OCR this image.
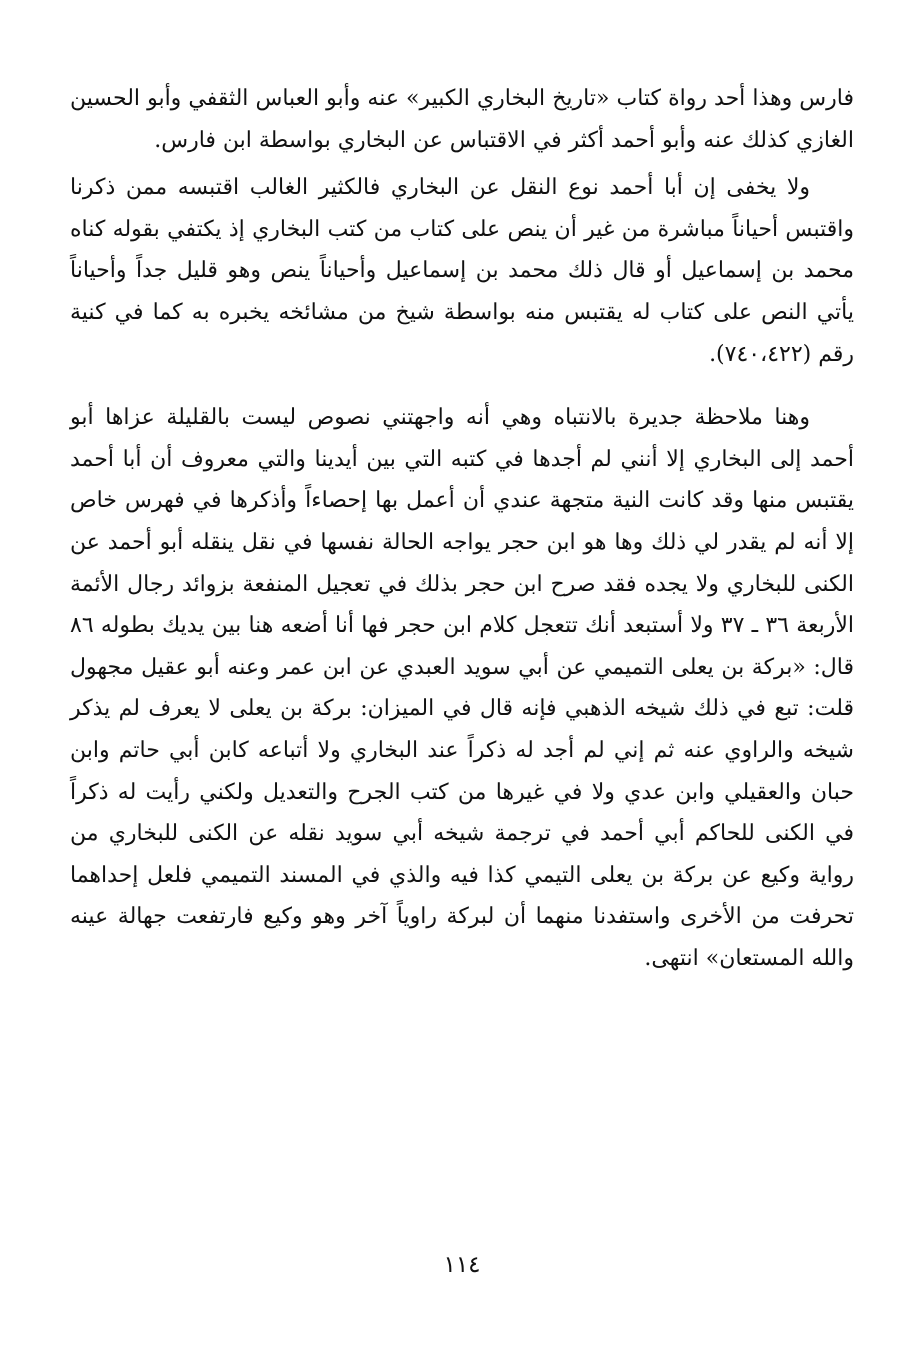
فارس وهذا أحد رواة كتاب «تاريخ البخاري الكبير» عنه وأبو العباس الثقفي وأبو الحسين الغازي كذلك عنه وأبو أحمد أكثر في الاقتباس عن البخاري بواسطة ابن فارس.

ولا يخفى إن أبا أحمد نوع النقل عن البخاري فالكثير الغالب اقتبسه ممن ذكرنا واقتبس أحياناً مباشرة من غير أن ينص على كتاب من كتب البخاري إذ يكتفي بقوله كناه محمد بن إسماعيل أو قال ذلك محمد بن إسماعيل وأحياناً ينص وهو قليل جداً وأحياناً يأتي النص على كتاب له يقتبس منه بواسطة شيخ من مشائخه يخبره به كما في كنية رقم (٧٤٠،٤٢٢).

وهنا ملاحظة جديرة بالانتباه وهي أنه واجهتني نصوص ليست بالقليلة عزاها أبو أحمد إلى البخاري إلا أنني لم أجدها في كتبه التي بين أيدينا والتي معروف أن أبا أحمد يقتبس منها وقد كانت النية متجهة عندي أن أعمل بها إحصاءاً وأذكرها في فهرس خاص إلا أنه لم يقدر لي ذلك وها هو ابن حجر يواجه الحالة نفسها في نقل ينقله أبو أحمد عن الكنى للبخاري ولا يجده فقد صرح ابن حجر بذلك في تعجيل المنفعة بزوائد رجال الأئمة الأربعة ٣٦ ـ ٣٧ ولا أستبعد أنك تتعجل كلام ابن حجر فها أنا أضعه هنا بين يديك بطوله ٨٦ قال: «بركة بن يعلى التميمي عن أبي سويد العبدي عن ابن عمر وعنه أبو عقيل مجهول قلت: تبع في ذلك شيخه الذهبي فإنه قال في الميزان: بركة بن يعلى لا يعرف لم يذكر شيخه والراوي عنه ثم إني لم أجد له ذكراً عند البخاري ولا أتباعه كابن أبي حاتم وابن حبان والعقيلي وابن عدي ولا في غيرها من كتب الجرح والتعديل ولكني رأيت له ذكراً في الكنى للحاكم أبي أحمد في ترجمة شيخه أبي سويد نقله عن الكنى للبخاري من رواية وكيع عن بركة بن يعلى التيمي كذا فيه والذي في المسند التميمي فلعل إحداهما تحرفت من الأخرى واستفدنا منهما أن لبركة راوياً آخر وهو وكيع فارتفعت جهالة عينه والله المستعان» انتهى.

١١٤
